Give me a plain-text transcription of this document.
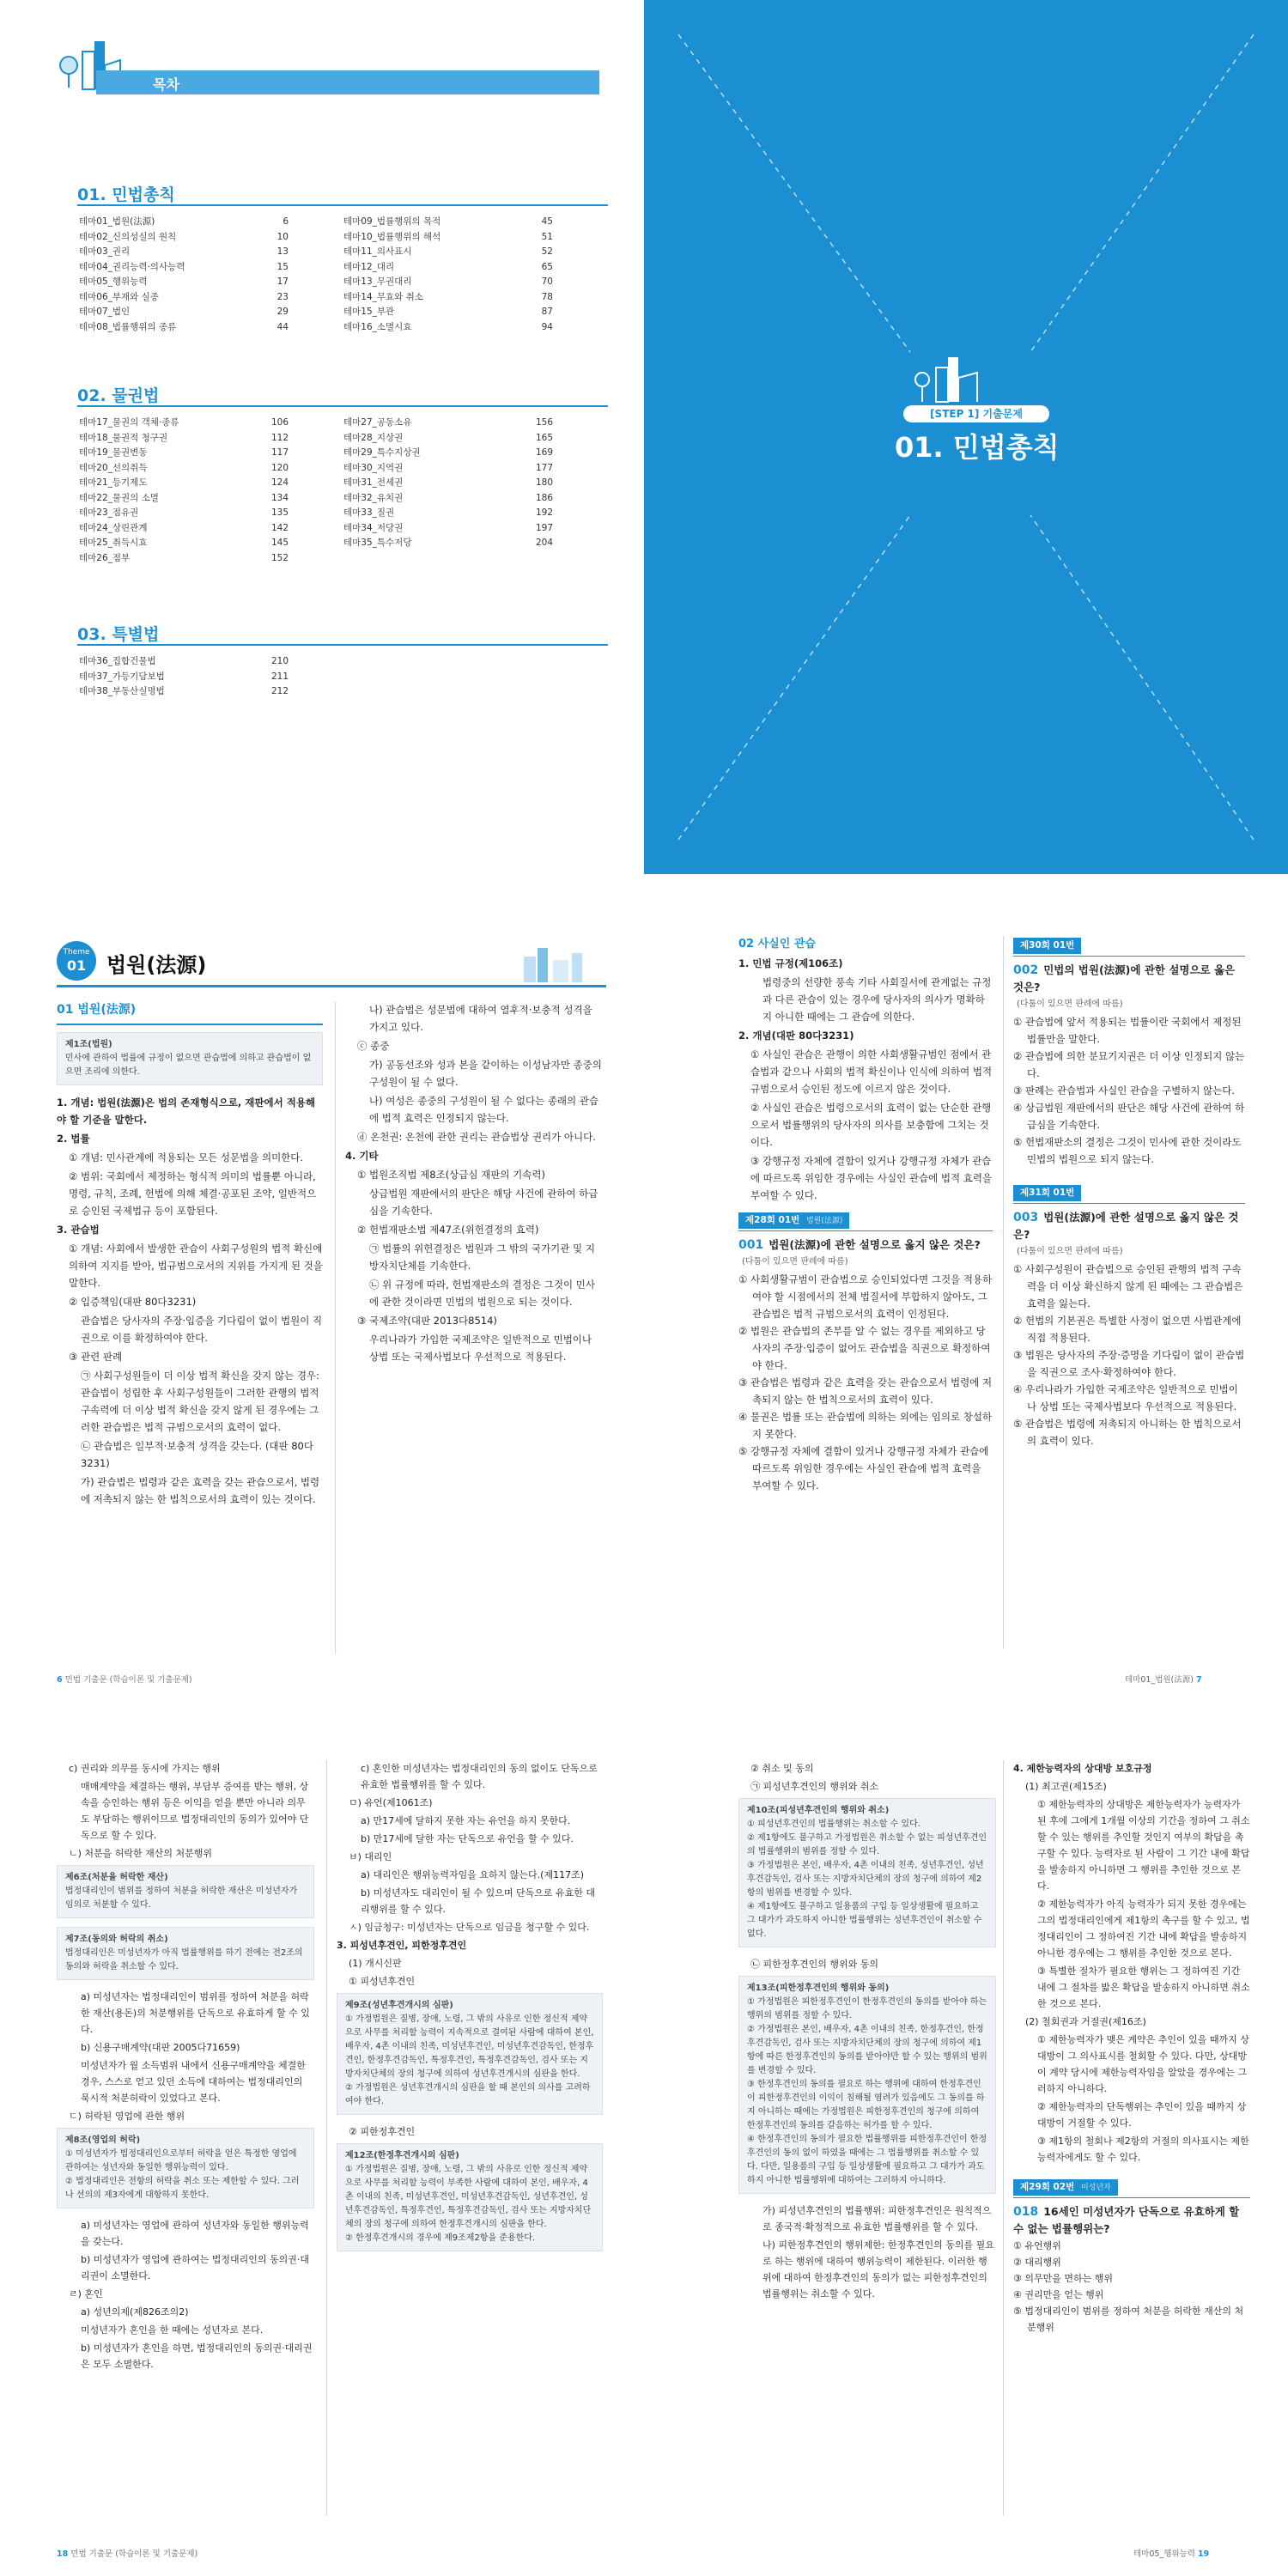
목차
01. 민법총칙
테마01_법원(法源)	6
테마02_신의성실의 원칙	10
테마03_권리	13
테마04_권리능력·의사능력	15
테마05_행위능력	17
테마06_부재와 실종	23
테마07_법인	29
테마08_법률행위의 종류	44
테마09_법률행위의 목적	45
테마10_법률행위의 해석	51
테마11_의사표시	52
테마12_대리	65
테마13_무권대리	70
테마14_무효와 취소	78
테마15_부관	87
테마16_소멸시효	94
02. 물권법
테마17_물권의 객체·종류	106
테마18_물권적 청구권	112
테마19_물권변동	117
테마20_선의취득	120
테마21_등기제도	124
테마22_물권의 소멸	134
테마23_점유권	135
테마24_상린관계	142
테마25_취득시효	145
테마26_점부	152
테마27_공동소유	156
테마28_지상권	165
테마29_특수지상권	169
테마30_지역권	177
테마31_전세권	180
테마32_유치권	186
테마33_질권	192
테마34_저당권	197
테마35_특수저당	204
03. 특별법
테마36_집합건물법	210
테마37_가등기담보법	211
테마38_부동산실명법	212
[STEP 1] 기출문제
01. 민법총칙
Theme
01 법원(法源)
01 법원(法源)
제1조(법원)
민사에 관하여 법률에 규정이 없으면 관습법에 의하고 관습법이 없으면 조리에 의한다.

1. 개념: 법원(法源)은 법의 존재형식으로, 재판에서 적용해야 할 기준을 말한다.

2. 법률

① 개념: 민사관계에 적용되는 모든 성문법을 의미한다.

② 범위: 국회에서 제정하는 형식적 의미의 법률뿐 아니라, 명령, 규칙, 조례, 헌법에 의해 체결·공포된 조약, 일반적으로 승인된 국제법규 등이 포함된다.

3. 관습법

① 개념: 사회에서 발생한 관습이 사회구성원의 법적 확신에 의하여 지지를 받아, 법규범으로서의 지위를 가지게 된 것을 말한다.

② 입증책임(대판 80다3231)

관습법은 당사자의 주장·입증을 기다림이 없이 법원이 직권으로 이를 확정하여야 한다.

③ 관련 판례

㉠ 사회구성원들이 더 이상 법적 확신을 갖지 않는 경우: 관습법이 성립한 후 사회구성원들이 그러한 관행의 법적 구속력에 더 이상 법적 확신을 갖지 않게 된 경우에는 그러한 관습법은 법적 규범으로서의 효력이 없다.

㉡ 관습법은 일부적·보충적 성격을 갖는다. (대판 80다3231)

가) 관습법은 법령과 같은 효력을 갖는 관습으로서, 법령에 저촉되지 않는 한 법칙으로서의 효력이 있는 것이다.

나) 관습법은 성문법에 대하여 열후적·보충적 성격을 가지고 있다.

ⓒ 종중

가) 공동선조와 성과 본을 같이하는 이성남자만 종중의 구성원이 될 수 없다.

나) 여성은 종중의 구성원이 될 수 없다는 종래의 관습에 법적 효력은 인정되지 않는다.

ⓓ 온천권: 온천에 관한 권리는 관습법상 권리가 아니다.

4. 기타

① 법원조직법 제8조(상급심 재판의 기속력)

상급법원 재판에서의 판단은 해당 사건에 관하여 하급심을 기속한다.

② 헌법재판소법 제47조(위헌결정의 효력)

㉠ 법률의 위헌결정은 법원과 그 밖의 국가기관 및 지방자치단체를 기속한다.

㉡ 위 규정에 따라, 헌법재판소의 결정은 그것이 민사에 관한 것이라면 민법의 법원으로 되는 것이다.

③ 국제조약(대판 2013다8514)

우리나라가 가입한 국제조약은 일반적으로 민법이나 상법 또는 국제사법보다 우선적으로 적용된다.

02 사실인 관습

1. 민법 규정(제106조)

법령중의 선량한 풍속 기타 사회질서에 관계없는 규정과 다른 관습이 있는 경우에 당사자의 의사가 명확하지 아니한 때에는 그 관습에 의한다.

2. 개념(대판 80다3231)

① 사실인 관습은 관행이 의한 사회생활규범인 점에서 관습법과 같으나 사회의 법적 확신이나 인식에 의하여 법적 규범으로서 승인된 정도에 이르지 않은 것이다.

② 사실인 관습은 법령으로서의 효력이 없는 단순한 관행으로서 법률행위의 당사자의 의사를 보충함에 그치는 것이다.

③ 강행규정 자체에 결함이 있거나 강행규정 자체가 관습에 따르도록 위임한 경우에는 사실인 관습에 법적 효력을 부여할 수 있다.

제28회 01번 법원(法源)
001 법원(法源)에 관한 설명으로 옳지 않은 것은?
(다툼이 있으면 판례에 따름)
① 사회생활규범이 관습법으로 승인되었다면 그것을 적용하여야 할 시점에서의 전체 법질서에 부합하지 않아도, 그 관습법은 법적 규범으로서의 효력이 인정된다.
② 법원은 관습법의 존부를 알 수 없는 경우를 제외하고 당사자의 주장·입증이 없어도 관습법을 직권으로 확정하여야 한다.
③ 관습법은 법령과 같은 효력을 갖는 관습으로서 법령에 저촉되지 않는 한 법칙으로서의 효력이 있다.
④ 물권은 법률 또는 관습법에 의하는 외에는 임의로 창설하지 못한다.
⑤ 강행규정 자체에 결함이 있거나 강행규정 자체가 관습에 따르도록 위임한 경우에는 사실인 관습에 법적 효력을 부여할 수 있다.
제30회 01번
002 민법의 법원(法源)에 관한 설명으로 옳은 것은?
(다툼이 있으면 판례에 따름)
① 관습법에 앞서 적용되는 법률이란 국회에서 제정된 법률만을 말한다.
② 관습법에 의한 분묘기지권은 더 이상 인정되지 않는다.
③ 판례는 관습법과 사실인 관습을 구별하지 않는다.
④ 상급법원 재판에서의 판단은 해당 사건에 관하여 하급심을 기속한다.
⑤ 헌법재판소의 결정은 그것이 민사에 관한 것이라도 민법의 법원으로 되지 않는다.
제31회 01번
003 법원(法源)에 관한 설명으로 옳지 않은 것은?
(다툼이 있으면 판례에 따름)
① 사회구성원이 관습법으로 승인된 관행의 법적 구속력을 더 이상 확신하지 않게 된 때에는 그 관습법은 효력을 잃는다.
② 헌법의 기본권은 특별한 사정이 없으면 사법관계에 직접 적용된다.
③ 법원은 당사자의 주장·증명을 기다림이 없이 관습법을 직권으로 조사·확정하여야 한다.
④ 우리나라가 가입한 국제조약은 일반적으로 민법이나 상법 또는 국제사법보다 우선적으로 적용된다.
⑤ 관습법은 법령에 저촉되지 아니하는 한 법칙으로서의 효력이 있다.
6 민법 기출문 (학습이론 및 기출문제)	테마01_법원(法源) 7

c) 권리와 의무를 동시에 가지는 행위

매매계약을 체결하는 행위, 부담부 증여를 받는 행위, 상속을 승인하는 행위 등은 이익을 얻을 뿐만 아니라 의무도 부담하는 행위이므로 법정대리인의 동의가 있어야 단독으로 할 수 있다.

ㄴ) 처분을 허락한 재산의 처분행위

제6조(처분을 허락한 재산)
법정대리인이 범위를 정하여 처분을 허락한 재산은 미성년자가 임의로 처분할 수 있다.
제7조(동의와 허락의 취소)
법정대리인은 미성년자가 아직 법률행위를 하기 전에는 전2조의 동의와 허락을 취소할 수 있다.

a) 미성년자는 법정대리인이 범위를 정하여 처분을 허락한 재산(용돈)의 처분행위를 단독으로 유효하게 할 수 있다.

b) 신용구매계약(대판 2005다71659)

미성년자가 월 소득범위 내에서 신용구매계약을 체결한 경우, 스스로 얻고 있던 소득에 대하여는 법정대리인의 묵시적 처분허락이 있었다고 본다.

ㄷ) 허락된 영업에 관한 행위

제8조(영업의 허락)
① 미성년자가 법정대리인으로부터 허락을 얻은 특정한 영업에 관하여는 성년자와 동일한 행위능력이 있다.
② 법정대리인은 전항의 허락을 취소 또는 제한할 수 있다. 그러나 선의의 제3자에게 대항하지 못한다.

a) 미성년자는 영업에 관하여 성년자와 동일한 행위능력을 갖는다.

b) 미성년자가 영업에 관하여는 법정대리인의 동의권·대리권이 소멸한다.

ㄹ) 혼인

a) 성년의제(제826조의2)

미성년자가 혼인을 한 때에는 성년자로 본다.

b) 미성년자가 혼인을 하면, 법정대리인의 동의권·대리권은 모두 소멸한다.

c) 혼인한 미성년자는 법정대리인의 동의 없이도 단독으로 유효한 법률행위를 할 수 있다.

ㅁ) 유언(제1061조)

a) 만17세에 달하지 못한 자는 유언을 하지 못한다.

b) 만17세에 달한 자는 단독으로 유언을 할 수 있다.

ㅂ) 대리인

a) 대리인은 행위능력자임을 요하지 않는다.(제117조)

b) 미성년자도 대리인이 될 수 있으며 단독으로 유효한 대리행위를 할 수 있다.

ㅅ) 임금청구: 미성년자는 단독으로 임금을 청구할 수 있다.

3. 피성년후견인, 피한정후견인

(1) 개시신판

① 피성년후견인

제9조(성년후견개시의 심판)
① 가정법원은 질병, 장애, 노령, 그 밖의 사유로 인한 정신적 제약으로 사무를 처리할 능력이 지속적으로 결여된 사람에 대하여 본인, 배우자, 4촌 이내의 친족, 미성년후견인, 미성년후견감독인, 한정후견인, 한정후견감독인, 특정후견인, 특정후견감독인, 검사 또는 지방자치단체의 장의 청구에 의하여 성년후견개시의 심판을 한다.
② 가정법원은 성년후견개시의 심판을 할 때 본인의 의사를 고려하여야 한다.

② 피한정후견인

제12조(한정후견개시의 심판)
① 가정법원은 질병, 장애, 노령, 그 밖의 사유로 인한 정신적 제약으로 사무를 처리할 능력이 부족한 사람에 대하여 본인, 배우자, 4촌 이내의 친족, 미성년후견인, 미성년후견감독인, 성년후견인, 성년후견감독인, 특정후견인, 특정후견감독인, 검사 또는 지방자치단체의 장의 청구에 의하여 한정후견개시의 심판을 한다.
② 한정후견개시의 경우에 제9조제2항을 준용한다.

② 취소 및 동의

㉠ 피성년후견인의 행위와 취소

제10조(피성년후견인의 행위와 취소)
① 피성년후견인의 법률행위는 취소할 수 있다.
② 제1항에도 불구하고 가정법원은 취소할 수 없는 피성년후견인의 법률행위의 범위를 정할 수 있다.
③ 가정법원은 본인, 배우자, 4촌 이내의 친족, 성년후견인, 성년후견감독인, 검사 또는 지방자치단체의 장의 청구에 의하여 제2항의 범위를 변경할 수 있다.
④ 제1항에도 불구하고 일용품의 구입 등 일상생활에 필요하고 그 대가가 과도하지 아니한 법률행위는 성년후견인이 취소할 수 없다.

㉡ 피한정후견인의 행위와 동의

제13조(피한정후견인의 행위와 동의)
① 가정법원은 피한정후견인이 한정후견인의 동의를 받아야 하는 행위의 범위를 정할 수 있다.
② 가정법원은 본인, 배우자, 4촌 이내의 친족, 한정후견인, 한정후견감독인, 검사 또는 지방자치단체의 장의 청구에 의하여 제1항에 따른 한정후견인의 동의를 받아야만 할 수 있는 행위의 범위를 변경할 수 있다.
③ 한정후견인의 동의를 필요로 하는 행위에 대하여 한정후견인이 피한정후견인의 이익이 침해될 염려가 있음에도 그 동의를 하지 아니하는 때에는 가정법원은 피한정후견인의 청구에 의하여 한정후견인의 동의를 갈음하는 허가를 할 수 있다.
④ 한정후견인의 동의가 필요한 법률행위를 피한정후견인이 한정후견인의 동의 없이 하였을 때에는 그 법률행위를 취소할 수 있다. 다만, 일용품의 구입 등 일상생활에 필요하고 그 대가가 과도하지 아니한 법률행위에 대하여는 그러하지 아니하다.

가) 피성년후견인의 법률행위: 피한정후견인은 원칙적으로 종국적·확정적으로 유효한 법률행위를 할 수 있다.

나) 피한정후견인의 행위제한: 한정후견인의 동의를 필요로 하는 행위에 대하여 행위능력이 제한된다. 이러한 행위에 대하여 한정후견인의 동의가 없는 피한정후견인의 법률행위는 취소할 수 있다.

4. 제한능력자의 상대방 보호규정

(1) 최고권(제15조)

① 제한능력자의 상대방은 제한능력자가 능력자가 된 후에 그에게 1개월 이상의 기간을 정하여 그 취소할 수 있는 행위를 추인할 것인지 여부의 확답을 촉구할 수 있다. 능력자로 된 사람이 그 기간 내에 확답을 발송하지 아니하면 그 행위를 추인한 것으로 본다.

② 제한능력자가 아직 능력자가 되지 못한 경우에는 그의 법정대리인에게 제1항의 촉구를 할 수 있고, 법정대리인이 그 정하여진 기간 내에 확답을 발송하지 아니한 경우에는 그 행위를 추인한 것으로 본다.

③ 특별한 절차가 필요한 행위는 그 정하여진 기간 내에 그 절차를 밟은 확답을 발송하지 아니하면 취소한 것으로 본다.

(2) 철회권과 거절권(제16조)

① 제한능력자가 맺은 계약은 추인이 있을 때까지 상대방이 그 의사표시를 철회할 수 있다. 다만, 상대방이 계약 당시에 제한능력자임을 알았을 경우에는 그러하지 아니하다.

② 제한능력자의 단독행위는 추인이 있을 때까지 상대방이 거절할 수 있다.

③ 제1항의 철회나 제2항의 거절의 의사표시는 제한능력자에게도 할 수 있다.

제29회 02번 미성년자
018 16세인 미성년자가 단독으로 유효하게 할 수 없는 법률행위는?
① 유언행위
② 대리행위
③ 의무만을 면하는 행위
④ 권리만을 얻는 행위
⑤ 법정대리인이 범위를 정하여 처분을 허락한 재산의 처분행위
18 민법 기출문 (학습이론 및 기출문제)	테마05_행위능력 19
